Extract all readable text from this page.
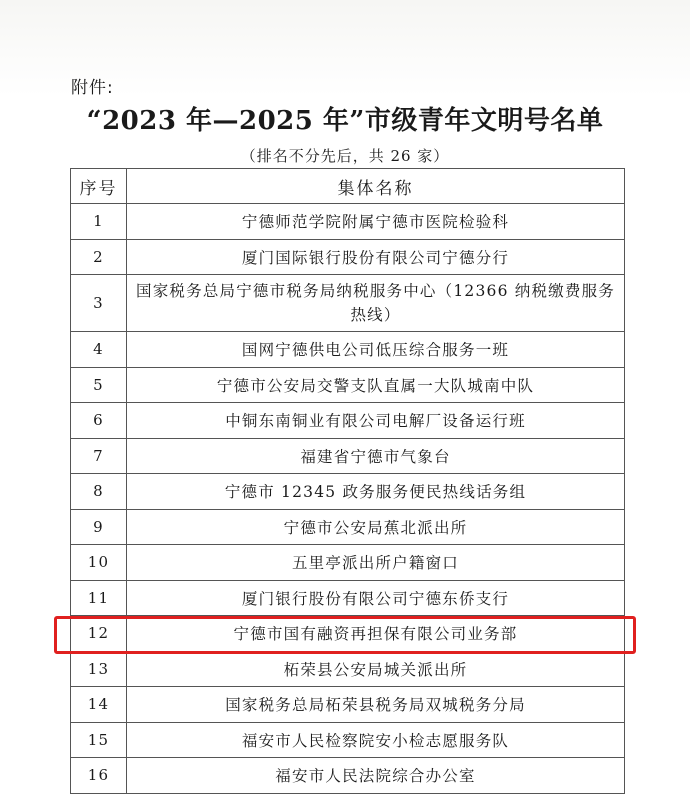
附件:
“2023 年—2025 年”市级青年文明号名单
（排名不分先后，共 26 家）
序号	集体名称
1	宁德师范学院附属宁德市医院检验科
2	厦门国际银行股份有限公司宁德分行
3	国家税务总局宁德市税务局纳税服务中心（12366 纳税缴费服务热线）
4	国网宁德供电公司低压综合服务一班
5	宁德市公安局交警支队直属一大队城南中队
6	中铜东南铜业有限公司电解厂设备运行班
7	福建省宁德市气象台
8	宁德市 12345 政务服务便民热线话务组
9	宁德市公安局蕉北派出所
10	五里亭派出所户籍窗口
11	厦门银行股份有限公司宁德东侨支行
12	宁德市国有融资再担保有限公司业务部
13	柘荣县公安局城关派出所
14	国家税务总局柘荣县税务局双城税务分局
15	福安市人民检察院安小检志愿服务队
16	福安市人民法院综合办公室
